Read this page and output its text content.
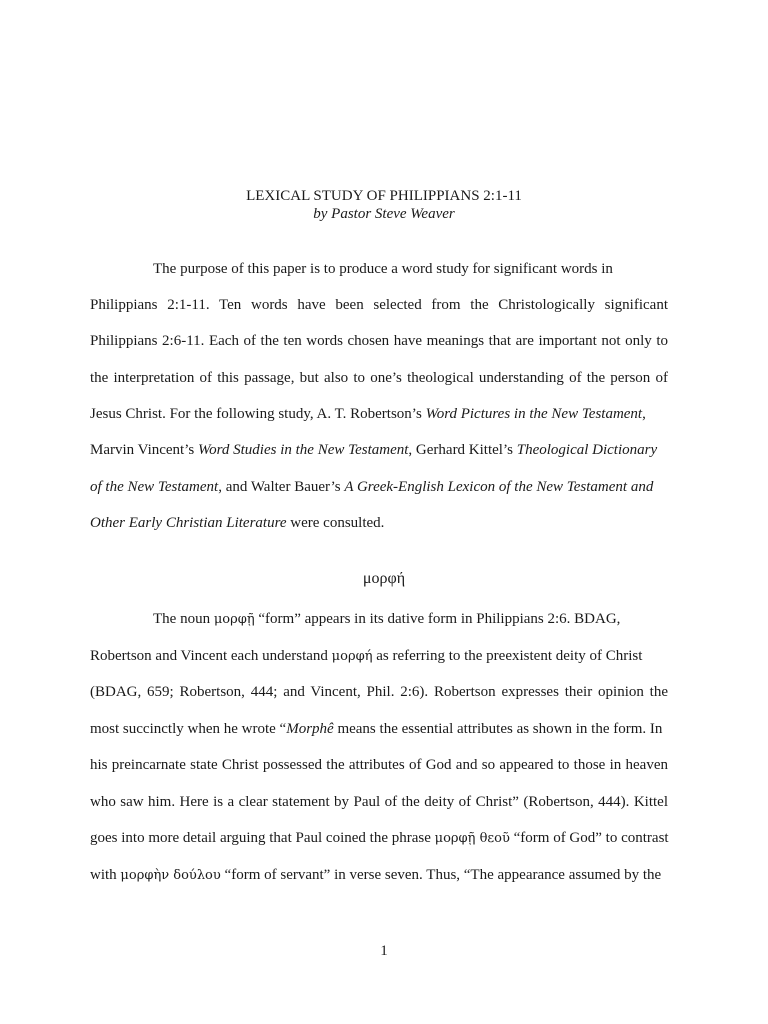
LEXICAL STUDY OF PHILIPPIANS 2:1-11
by Pastor Steve Weaver
The purpose of this paper is to produce a word study for significant words in
Philippians 2:1-11. Ten words have been selected from the Christologically significant
Philippians 2:6-11. Each of the ten words chosen have meanings that are important not only to
the interpretation of this passage, but also to one’s theological understanding of the person of
Jesus Christ. For the following study, A. T. Robertson’s Word Pictures in the New Testament,
Marvin Vincent’s Word Studies in the New Testament, Gerhard Kittel’s Theological Dictionary
of the New Testament, and Walter Bauer’s A Greek-English Lexicon of the New Testament and
Other Early Christian Literature were consulted.
μορφή
The noun μορφῇ “form” appears in its dative form in Philippians 2:6. BDAG,
Robertson and Vincent each understand μορφή as referring to the preexistent deity of Christ
(BDAG, 659; Robertson, 444; and Vincent, Phil. 2:6). Robertson expresses their opinion the
most succinctly when he wrote “Morphê means the essential attributes as shown in the form. In
his preincarnate state Christ possessed the attributes of God and so appeared to those in heaven
who saw him. Here is a clear statement by Paul of the deity of Christ” (Robertson, 444). Kittel
goes into more detail arguing that Paul coined the phrase μορφῇ θεοῦ “form of God” to contrast
with μορφὴν δούλου “form of servant” in verse seven. Thus, “The appearance assumed by the
1
